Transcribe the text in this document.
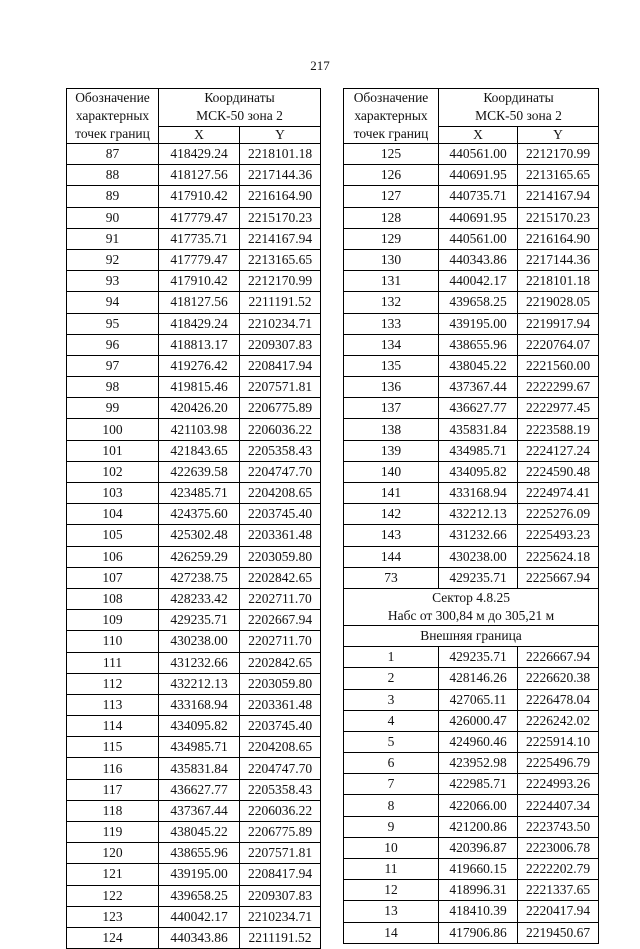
217
Обозначение
характерных
точек границ	Координаты
МСК-50 зона 2	
	X	Y
87	418429.24	2218101.18
88	418127.56	2217144.36
89	417910.42	2216164.90
90	417779.47	2215170.23
91	417735.71	2214167.94
92	417779.47	2213165.65
93	417910.42	2212170.99
94	418127.56	2211191.52
95	418429.24	2210234.71
96	418813.17	2209307.83
97	419276.42	2208417.94
98	419815.46	2207571.81
99	420426.20	2206775.89
100	421103.98	2206036.22
101	421843.65	2205358.43
102	422639.58	2204747.70
103	423485.71	2204208.65
104	424375.60	2203745.40
105	425302.48	2203361.48
106	426259.29	2203059.80
107	427238.75	2202842.65
108	428233.42	2202711.70
109	429235.71	2202667.94
110	430238.00	2202711.70
111	431232.66	2202842.65
112	432212.13	2203059.80
113	433168.94	2203361.48
114	434095.82	2203745.40
115	434985.71	2204208.65
116	435831.84	2204747.70
117	436627.77	2205358.43
118	437367.44	2206036.22
119	438045.22	2206775.89
120	438655.96	2207571.81
121	439195.00	2208417.94
122	439658.25	2209307.83
123	440042.17	2210234.71
124	440343.86	2211191.52
Обозначение
характерных
точек границ	Координаты
МСК-50 зона 2	
	X	Y
125	440561.00	2212170.99
126	440691.95	2213165.65
127	440735.71	2214167.94
128	440691.95	2215170.23
129	440561.00	2216164.90
130	440343.86	2217144.36
131	440042.17	2218101.18
132	439658.25	2219028.05
133	439195.00	2219917.94
134	438655.96	2220764.07
135	438045.22	2221560.00
136	437367.44	2222299.67
137	436627.77	2222977.45
138	435831.84	2223588.19
139	434985.71	2224127.24
140	434095.82	2224590.48
141	433168.94	2224974.41
142	432212.13	2225276.09
143	431232.66	2225493.23
144	430238.00	2225624.18
73	429235.71	2225667.94
Сектор 4.8.25
Набс от 300,84 м до 305,21 м		
Внешняя граница		
1	429235.71	2226667.94
2	428146.26	2226620.38
3	427065.11	2226478.04
4	426000.47	2226242.02
5	424960.46	2225914.10
6	423952.98	2225496.79
7	422985.71	2224993.26
8	422066.00	2224407.34
9	421200.86	2223743.50
10	420396.87	2223006.78
11	419660.15	2222202.79
12	418996.31	2221337.65
13	418410.39	2220417.94
14	417906.86	2219450.67
